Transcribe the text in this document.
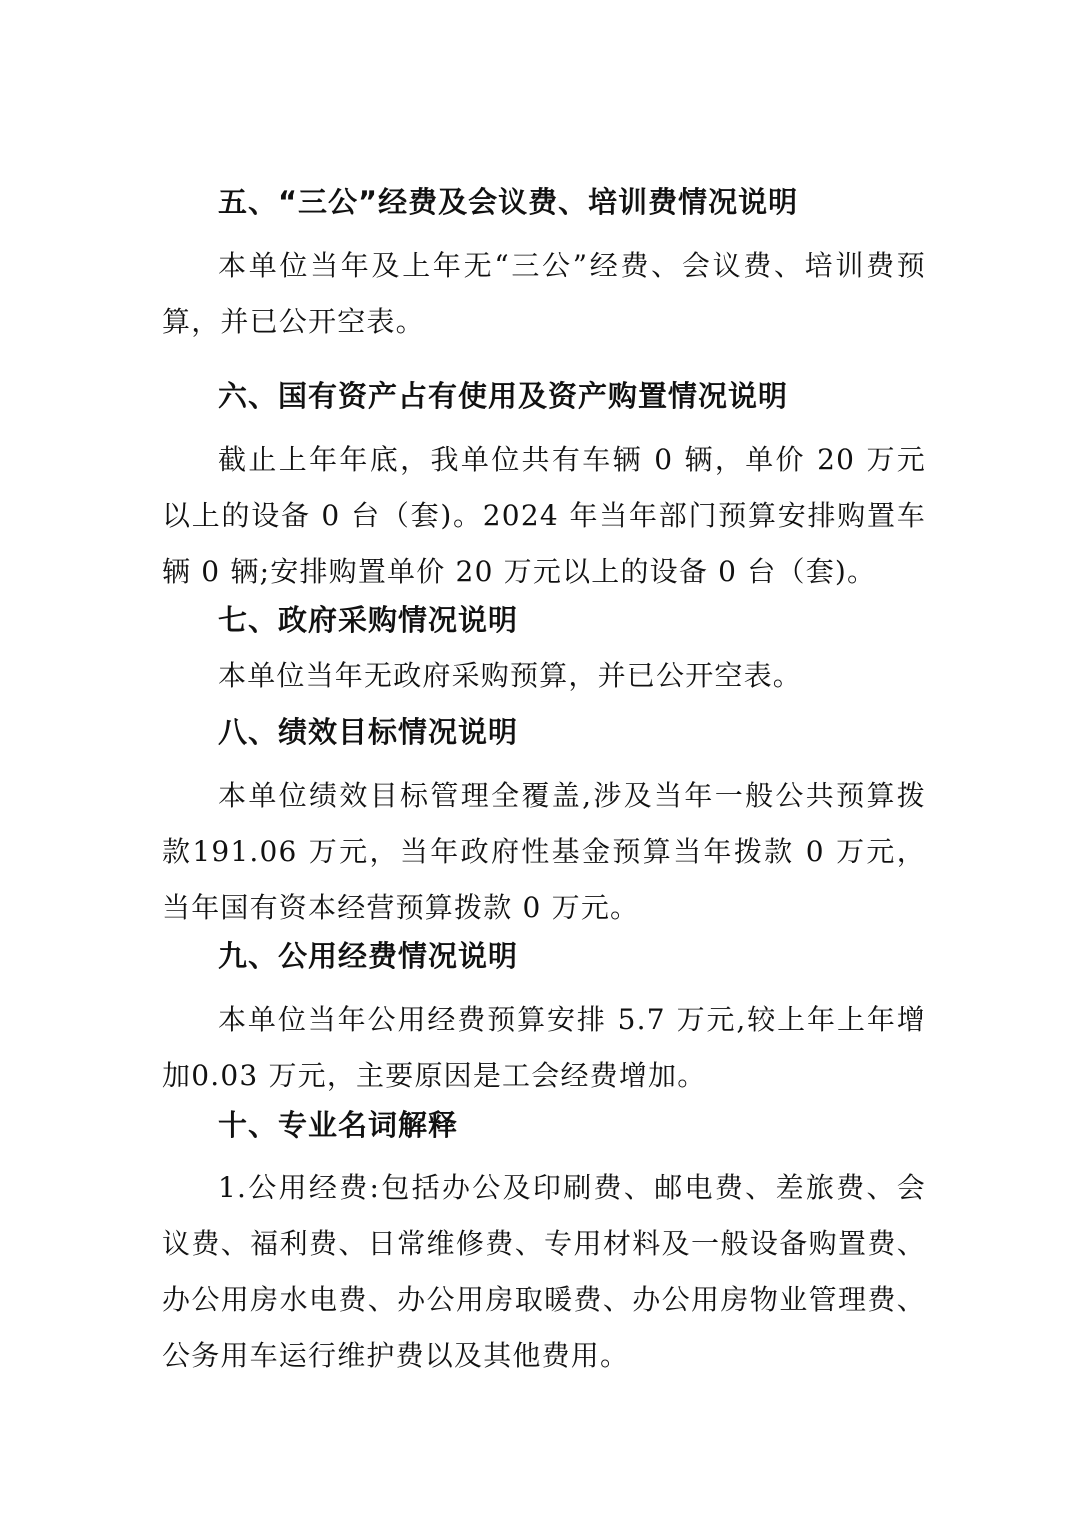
五、“三公”经费及会议费、培训费情况说明

本单位当年及上年无“三公”经费、会议费、培训费预算，并已公开空表。

六、国有资产占有使用及资产购置情况说明

截止上年年底，我单位共有车辆 0 辆，单价 20 万元以上的设备 0 台（套)。2024 年当年部门预算安排购置车辆 0 辆;安排购置单价 20 万元以上的设备 0 台（套)。

七、政府采购情况说明

本单位当年无政府采购预算，并已公开空表。

八、绩效目标情况说明

本单位绩效目标管理全覆盖,涉及当年一般公共预算拨款191.06 万元，当年政府性基金预算当年拨款 0 万元，当年国有资本经营预算拨款 0 万元。

九、公用经费情况说明

本单位当年公用经费预算安排 5.7 万元,较上年上年增加0.03 万元，主要原因是工会经费增加。

十、专业名词解释

1.公用经费:包括办公及印刷费、邮电费、差旅费、会议费、福利费、日常维修费、专用材料及一般设备购置费、办公用房水电费、办公用房取暖费、办公用房物业管理费、公务用车运行维护费以及其他费用。
